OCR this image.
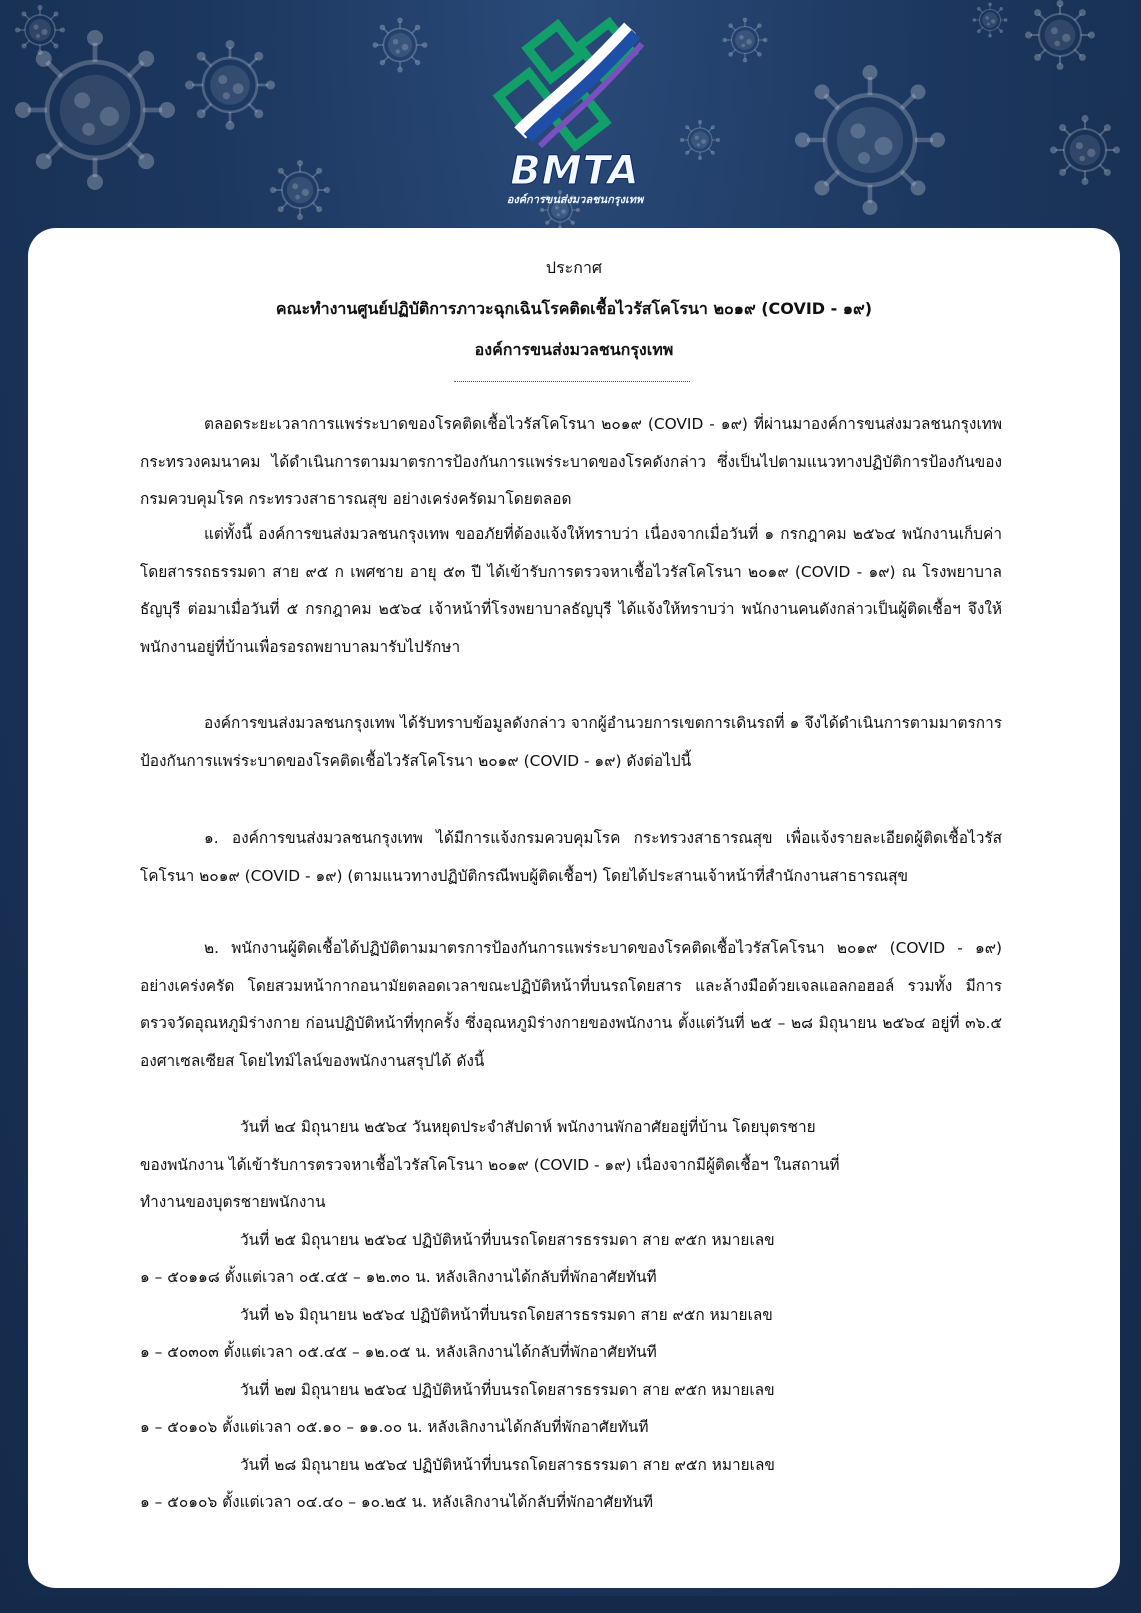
BMTA
องค์การขนส่งมวลชนกรุงเทพ
ประกาศ
คณะทำงานศูนย์ปฏิบัติการภาวะฉุกเฉินโรคติดเชื้อไวรัสโคโรนา ๒๐๑๙ (COVID - ๑๙)
องค์การขนส่งมวลชนกรุงเทพ
ตลอดระยะเวลาการแพร่ระบาดของโรคติดเชื้อไวรัสโคโรนา ๒๐๑๙ (COVID - ๑๙) ที่ผ่านมาองค์การขนส่งมวลชนกรุงเทพ กระทรวงคมนาคม ได้ดำเนินการตามมาตรการป้องกันการแพร่ระบาดของโรคดังกล่าว ซึ่งเป็นไปตามแนวทางปฏิบัติการป้องกันของกรมควบคุมโรค กระทรวงสาธารณสุข อย่างเคร่งครัดมาโดยตลอด
แต่ทั้งนี้ องค์การขนส่งมวลชนกรุงเทพ ขออภัยที่ต้องแจ้งให้ทราบว่า เนื่องจากเมื่อวันที่ ๑ กรกฎาคม ๒๕๖๔ พนักงานเก็บค่าโดยสารรถธรรมดา สาย ๙๕ ก เพศชาย อายุ ๕๓ ปี ได้เข้ารับการตรวจหาเชื้อไวรัสโคโรนา ๒๐๑๙ (COVID - ๑๙) ณ โรงพยาบาลธัญบุรี ต่อมาเมื่อวันที่ ๕ กรกฎาคม ๒๕๖๔ เจ้าหน้าที่โรงพยาบาลธัญบุรี ได้แจ้งให้ทราบว่า พนักงานคนดังกล่าวเป็นผู้ติดเชื้อฯ จึงให้พนักงานอยู่ที่บ้านเพื่อรอรถพยาบาลมารับไปรักษา
องค์การขนส่งมวลชนกรุงเทพ ได้รับทราบข้อมูลดังกล่าว จากผู้อำนวยการเขตการเดินรถที่ ๑ จึงได้ดำเนินการตามมาตรการป้องกันการแพร่ระบาดของโรคติดเชื้อไวรัสโคโรนา ๒๐๑๙ (COVID - ๑๙) ดังต่อไปนี้
๑. องค์การขนส่งมวลชนกรุงเทพ ได้มีการแจ้งกรมควบคุมโรค กระทรวงสาธารณสุข เพื่อแจ้งรายละเอียดผู้ติดเชื้อไวรัสโคโรนา ๒๐๑๙ (COVID - ๑๙) (ตามแนวทางปฏิบัติกรณีพบผู้ติดเชื้อฯ) โดยได้ประสานเจ้าหน้าที่สำนักงานสาธารณสุข
๒. พนักงานผู้ติดเชื้อได้ปฏิบัติตามมาตรการป้องกันการแพร่ระบาดของโรคติดเชื้อไวรัสโคโรนา ๒๐๑๙ (COVID - ๑๙) อย่างเคร่งครัด โดยสวมหน้ากากอนามัยตลอดเวลาขณะปฏิบัติหน้าที่บนรถโดยสาร และล้างมือด้วยเจลแอลกอฮอล์ รวมทั้ง มีการตรวจวัดอุณหภูมิร่างกาย ก่อนปฏิบัติหน้าที่ทุกครั้ง ซึ่งอุณหภูมิร่างกายของพนักงาน ตั้งแต่วันที่ ๒๕ – ๒๘ มิถุนายน ๒๕๖๔ อยู่ที่ ๓๖.๕ องศาเซลเซียส โดยไทม์ไลน์ของพนักงานสรุปได้ ดังนี้
วันที่ ๒๔ มิถุนายน ๒๕๖๔ วันหยุดประจำสัปดาห์ พนักงานพักอาศัยอยู่ที่บ้าน โดยบุตรชาย
ของพนักงาน ได้เข้ารับการตรวจหาเชื้อไวรัสโคโรนา ๒๐๑๙ (COVID - ๑๙) เนื่องจากมีผู้ติดเชื้อฯ ในสถานที่
ทำงานของบุตรชายพนักงาน
วันที่ ๒๕ มิถุนายน ๒๕๖๔ ปฏิบัติหน้าที่บนรถโดยสารธรรมดา สาย ๙๕ก หมายเลข
๑ – ๕๐๑๑๘ ตั้งแต่เวลา ๐๕.๔๕ – ๑๒.๓๐ น. หลังเลิกงานได้กลับที่พักอาศัยทันที
วันที่ ๒๖ มิถุนายน ๒๕๖๔ ปฏิบัติหน้าที่บนรถโดยสารธรรมดา สาย ๙๕ก หมายเลข
๑ – ๕๐๓๐๓ ตั้งแต่เวลา ๐๕.๔๕ – ๑๒.๐๕ น. หลังเลิกงานได้กลับที่พักอาศัยทันที
วันที่ ๒๗ มิถุนายน ๒๕๖๔ ปฏิบัติหน้าที่บนรถโดยสารธรรมดา สาย ๙๕ก หมายเลข
๑ – ๕๐๑๐๖ ตั้งแต่เวลา ๐๕.๑๐ – ๑๑.๐๐ น. หลังเลิกงานได้กลับที่พักอาศัยทันที
วันที่ ๒๘ มิถุนายน ๒๕๖๔ ปฏิบัติหน้าที่บนรถโดยสารธรรมดา สาย ๙๕ก หมายเลข
๑ – ๕๐๑๐๖ ตั้งแต่เวลา ๐๔.๔๐ – ๑๐.๒๕ น. หลังเลิกงานได้กลับที่พักอาศัยทันที
